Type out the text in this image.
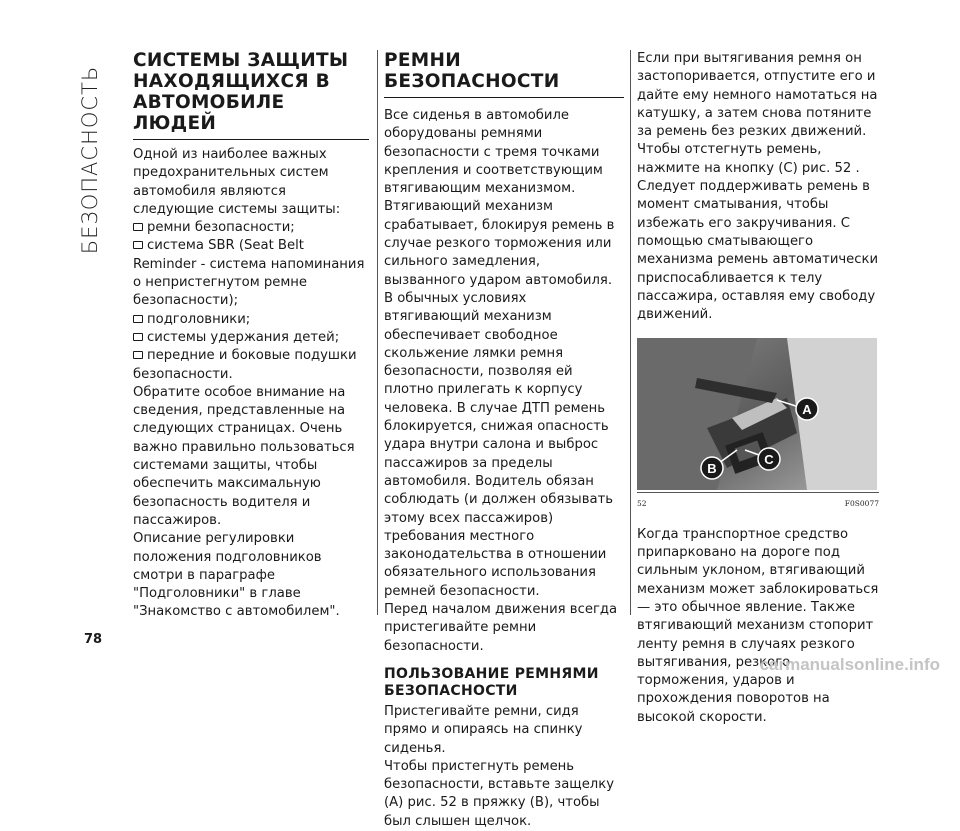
БЕЗОПАСНОСТЬ
СИСТЕМЫ ЗАЩИТЫ НАХОДЯЩИХСЯ В АВТОМОБИЛЕ ЛЮДЕЙ

Одной из наиболее важных предохранительных систем автомобиля являются следующие системы защиты:

ремни безопасности;
система SBR (Seat Belt Reminder - система напоминания о непристегнутом ремне безопасности);
подголовники;
системы удержания детей;
передние и боковые подушки безопасности.

Обратите особое внимание на сведения, представленные на следующих страницах. Очень важно правильно пользоваться системами защиты, чтобы обеспечить максимальную безопасность водителя и пассажиров.

Описание регулировки положения подголовников смотри в параграфе "Подголовники" в главе "Знакомство с автомобилем".

РЕМНИ БЕЗОПАСНОСТИ

Все сиденья в автомобиле оборудованы ремнями безопасности с тремя точками крепления и соответствующим втягивающим механизмом.

Втягивающий механизм срабатывает, блокируя ремень в случае резкого торможения или сильного замедления, вызванного ударом автомобиля.

В обычных условиях втягивающий механизм обеспечивает свободное скольжение лямки ремня безопасности, позволяя ей плотно прилегать к корпусу человека. В случае ДТП ремень блокируется, снижая опасность удара внутри салона и выброс пассажиров за пределы автомобиля. Водитель обязан соблюдать (и должен обязывать этому всех пассажиров) требования местного законодательства в отношении обязательного использования ремней безопасности.

Перед началом движения всегда пристегивайте ремни безопасности.

ПОЛЬЗОВАНИЕ РЕМНЯМИ БЕЗОПАСНОСТИ

Пристегивайте ремни, сидя прямо и опираясь на спинку сиденья.

Чтобы пристегнуть ремень безопасности, вставьте защелку (A) рис. 52 в пряжку (B), чтобы был слышен щелчок.

Если при вытягивания ремня он застопоривается, отпустите его и дайте ему немного намотаться на катушку, а затем снова потяните за ремень без резких движений.

Чтобы отстегнуть ремень, нажмите на кнопку (C) рис. 52 .

Следует поддерживать ремень в момент сматывания, чтобы избежать его закручивания. С помощью сматывающего механизма ремень автоматически приспосабливается к телу пассажира, оставляя ему свободу движений.

A
B
C
52	F0S0077

Когда транспортное средство припарковано на дороге под сильным уклоном, втягивающий механизм может заблокироваться — это обычное явление. Также втягивающий механизм стопорит ленту ремня в случаях резкого вытягивания, резкого торможения, ударов и прохождения поворотов на высокой скорости.

78
carmanualsonline.info
